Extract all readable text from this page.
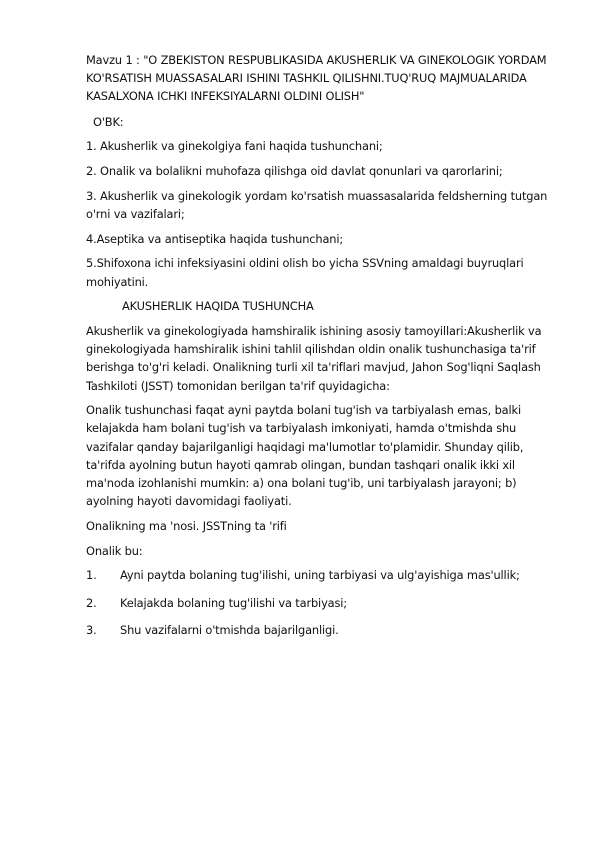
Mavzu 1 : "O ZBEKISTON RESPUBLIKASIDA AKUSHERLIK VA GINEKOLOGIK YORDAM KO'RSATISH MUASSASALARI ISHINI TASHKIL QILISHNI.TUQ'RUQ MAJMUALARIDA KASALXONA ICHKI INFEKSIYALARNI OLDINI OLISH"

O'BK:

1. Akusherlik va ginekolgiya fani haqida tushunchani;

2. Onalik va bolalikni muhofaza qilishga oid davlat qonunlari va qarorlarini;

3. Akusherlik va ginekologik yordam ko'rsatish muassasalarida feldsherning tutgan o'rni va vazifalari;

4.Aseptika va antiseptika haqida tushunchani;

5.Shifoxona ichi infeksiyasini oldini olish bo yicha SSVning amaldagi buyruqlari mohiyatini.

AKUSHERLIK HAQIDA TUSHUNCHA

Akusherlik va ginekologiyada hamshiralik ishining asosiy tamoyillari:Akusherlik va ginekologiyada hamshiralik ishini tahlil qilishdan oldin onalik tushunchasiga ta'rif berishga to'g'ri keladi. Onalikning turli xil ta'riflari mavjud, Jahon Sog'liqni Saqlash Tashkiloti (JSST) tomonidan berilgan ta'rif quyidagicha:

Onalik tushunchasi faqat ayni paytda bolani tug'ish va tarbiyalash emas, balki kelajakda ham bolani tug'ish va tarbiyalash imkoniyati, hamda o'tmishda shu vazifalar qanday bajarilganligi haqidagi ma'lumotlar to'plamidir. Shunday qilib, ta'rifda ayolning butun hayoti qamrab olingan, bundan tashqari onalik ikki xil ma'noda izohlanishi mumkin: a) ona bolani tug'ib, uni tarbiyalash jarayoni; b) ayolning hayoti davomidagi faoliyati.

Onalikning ma 'nosi. JSSTning ta 'rifi

Onalik bu:

1.	Ayni paytda bolaning tug'ilishi, uning tarbiyasi va ulg'ayishiga mas'ullik;
2.	Kelajakda bolaning tug'ilishi va tarbiyasi;
3.	Shu vazifalarni o'tmishda bajarilganligi.
